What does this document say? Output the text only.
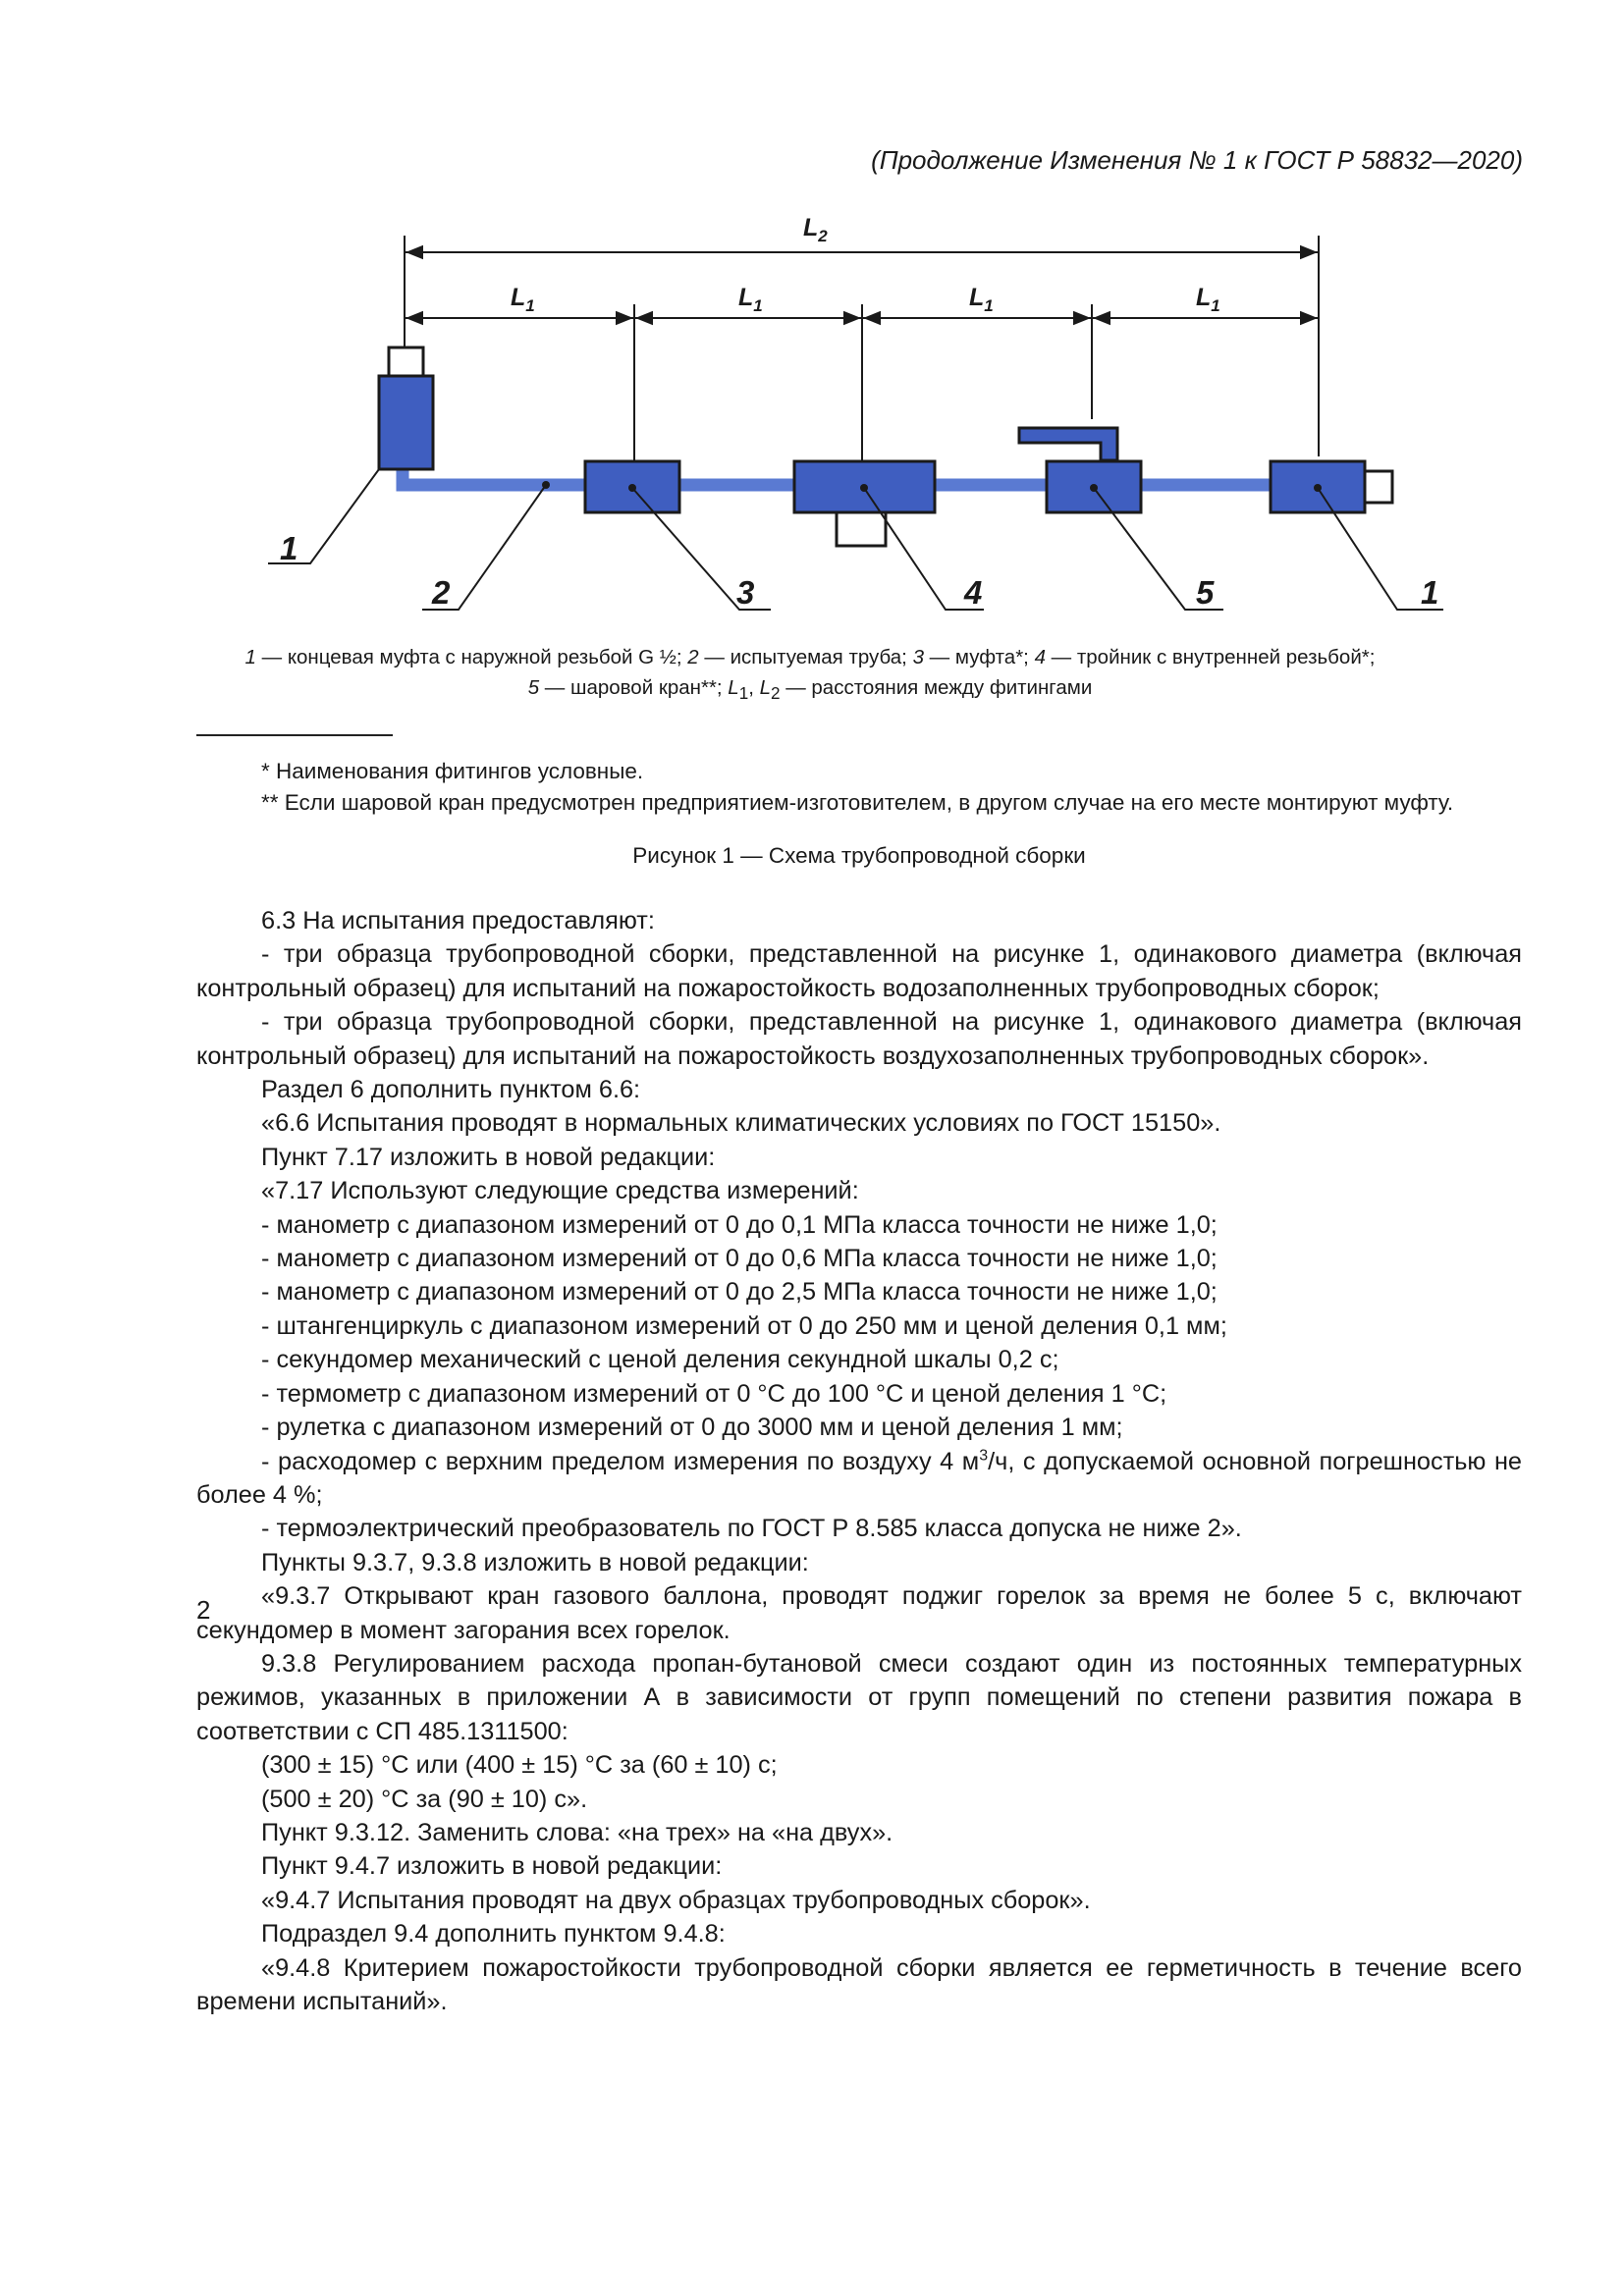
(Продолжение Изменения № 1 к ГОСТ Р 58832—2020)
$L_2$
$L_1$	$L_1$	$L_1$	$L_1$
1
2	3	4	5	1
1 — концевая муфта с наружной резьбой G ½; 2 — испытуемая труба; 3 — муфта*; 4 — тройник с внутренней резьбой*;
5 — шаровой кран**; $L_1$, $L_2$ — расстояния между фитингами

* Наименования фитингов условные.

** Если шаровой кран предусмотрен предприятием-изготовителем, в другом случае на его месте монтируют муфту.

Рисунок 1 — Схема трубопроводной сборки

6.3 На испытания предоставляют:

- три образца трубопроводной сборки, представленной на рисунке 1, одинакового диаметра (включая контрольный образец) для испытаний на пожаростойкость водозаполненных трубопроводных сборок;

- три образца трубопроводной сборки, представленной на рисунке 1, одинакового диаметра (включая контрольный образец) для испытаний на пожаростойкость воздухозаполненных трубопроводных сборок».

Раздел 6 дополнить пунктом 6.6:

«6.6 Испытания проводят в нормальных климатических условиях по ГОСТ 15150».

Пункт 7.17 изложить в новой редакции:

«7.17 Используют следующие средства измерений:

- манометр с диапазоном измерений от 0 до 0,1 МПа класса точности не ниже 1,0;

- манометр с диапазоном измерений от 0 до 0,6 МПа класса точности не ниже 1,0;

- манометр с диапазоном измерений от 0 до 2,5 МПа класса точности не ниже 1,0;

- штангенциркуль с диапазоном измерений от 0 до 250 мм и ценой деления 0,1 мм;

- секундомер механический с ценой деления секундной шкалы 0,2 с;

- термометр с диапазоном измерений от 0 °С до 100 °С и ценой деления 1 °С;

- рулетка с диапазоном измерений от 0 до 3000 мм и ценой деления 1 мм;

- расходомер с верхним пределом измерения по воздуху 4 $м^3/ч$, с допускаемой основной погрешностью не более 4 %;

- термоэлектрический преобразователь по ГОСТ Р 8.585 класса допуска не ниже 2».

Пункты 9.3.7, 9.3.8 изложить в новой редакции:

«9.3.7 Открывают кран газового баллона, проводят поджиг горелок за время не более 5 с, включают секундомер в момент загорания всех горелок.

9.3.8 Регулированием расхода пропан-бутановой смеси создают один из постоянных температурных режимов, указанных в приложении А в зависимости от групп помещений по степени развития пожара в соответствии с СП 485.1311500:

(300 ± 15) °С или (400 ± 15) °С за (60 ± 10) с;

(500 ± 20) °С за (90 ± 10) с».

Пункт 9.3.12. Заменить слова: «на трех» на «на двух».

Пункт 9.4.7 изложить в новой редакции:

«9.4.7 Испытания проводят на двух образцах трубопроводных сборок».

Подраздел 9.4 дополнить пунктом 9.4.8:

«9.4.8 Критерием пожаростойкости трубопроводной сборки является ее герметичность в течение всего времени испытаний».

2
